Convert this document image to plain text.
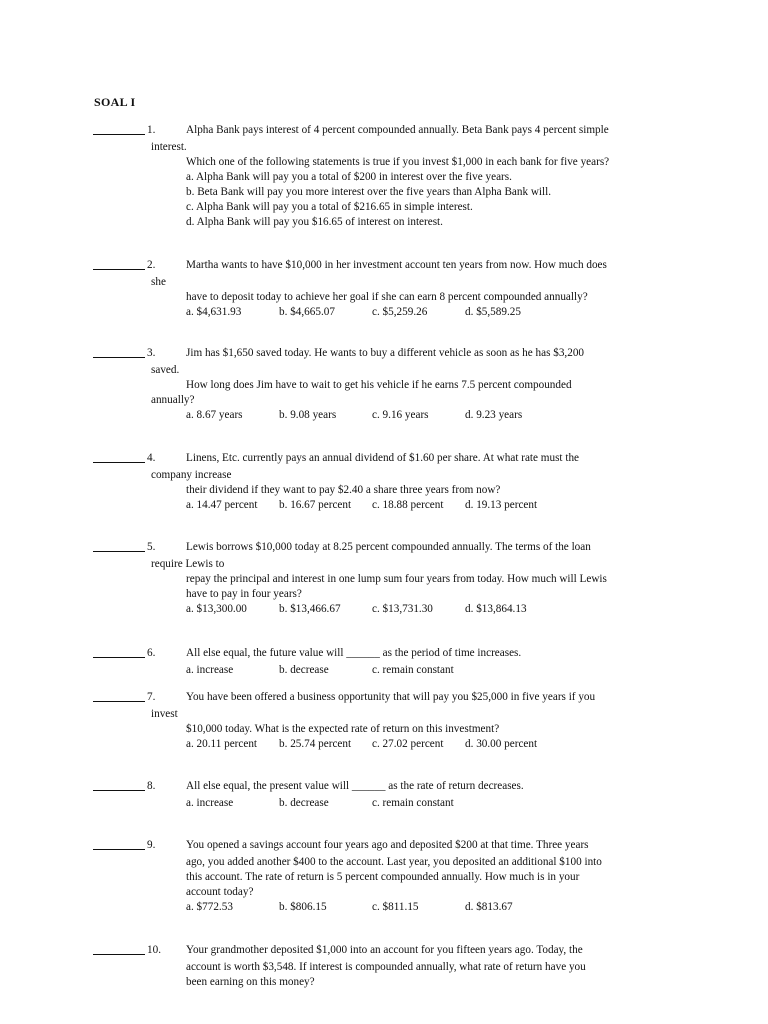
SOAL I
1.	Alpha Bank pays interest of 4 percent compounded annually. Beta Bank pays 4 percent simple
interest.
Which one of the following statements is true if you invest $1,000 in each bank for five years?
a. Alpha Bank will pay you a total of $200 in interest over the five years.
b. Beta Bank will pay you more interest over the five years than Alpha Bank will.
c. Alpha Bank will pay you a total of $216.65 in simple interest.
d. Alpha Bank will pay you $16.65 of interest on interest.
2.	Martha wants to have $10,000 in her investment account ten years from now. How much does
she
have to deposit today to achieve her goal if she can earn 8 percent compounded annually?
a. $4,631.93	b. $4,665.07	c. $5,259.26	d. $5,589.25
3.	Jim has $1,650 saved today. He wants to buy a different vehicle as soon as he has $3,200
saved.
How long does Jim have to wait to get his vehicle if he earns 7.5 percent compounded
annually?
a. 8.67 years	b. 9.08 years	c. 9.16 years	d. 9.23 years
4.	Linens, Etc. currently pays an annual dividend of $1.60 per share. At what rate must the
company increase
their dividend if they want to pay $2.40 a share three years from now?
a. 14.47 percent b. 16.67 percent c. 18.88 percent d. 19.13 percent
5.	Lewis borrows $10,000 today at 8.25 percent compounded annually. The terms of the loan
require Lewis to
repay the principal and interest in one lump sum four years from today. How much will Lewis
have to pay in four years?
a. $13,300.00	b. $13,466.67	c. $13,731.30	d. $13,864.13
6.	All else equal, the future value will ______ as the period of time increases.
a. increase	b. decrease	c. remain constant
7.	You have been offered a business opportunity that will pay you $25,000 in five years if you
invest
$10,000 today. What is the expected rate of return on this investment?
a. 20.11 percent b. 25.74 percent c. 27.02 percent d. 30.00 percent
8.	All else equal, the present value will ______ as the rate of return decreases.
a. increase	b. decrease	c. remain constant
9.	You opened a savings account four years ago and deposited $200 at that time. Three years
ago, you added another $400 to the account. Last year, you deposited an additional $100 into
this account. The rate of return is 5 percent compounded annually. How much is in your
account today?
a. $772.53	b. $806.15	c. $811.15	d. $813.67
10. Your grandmother deposited $1,000 into an account for you fifteen years ago. Today, the
account is worth $3,548. If interest is compounded annually, what rate of return have you
been earning on this money?
